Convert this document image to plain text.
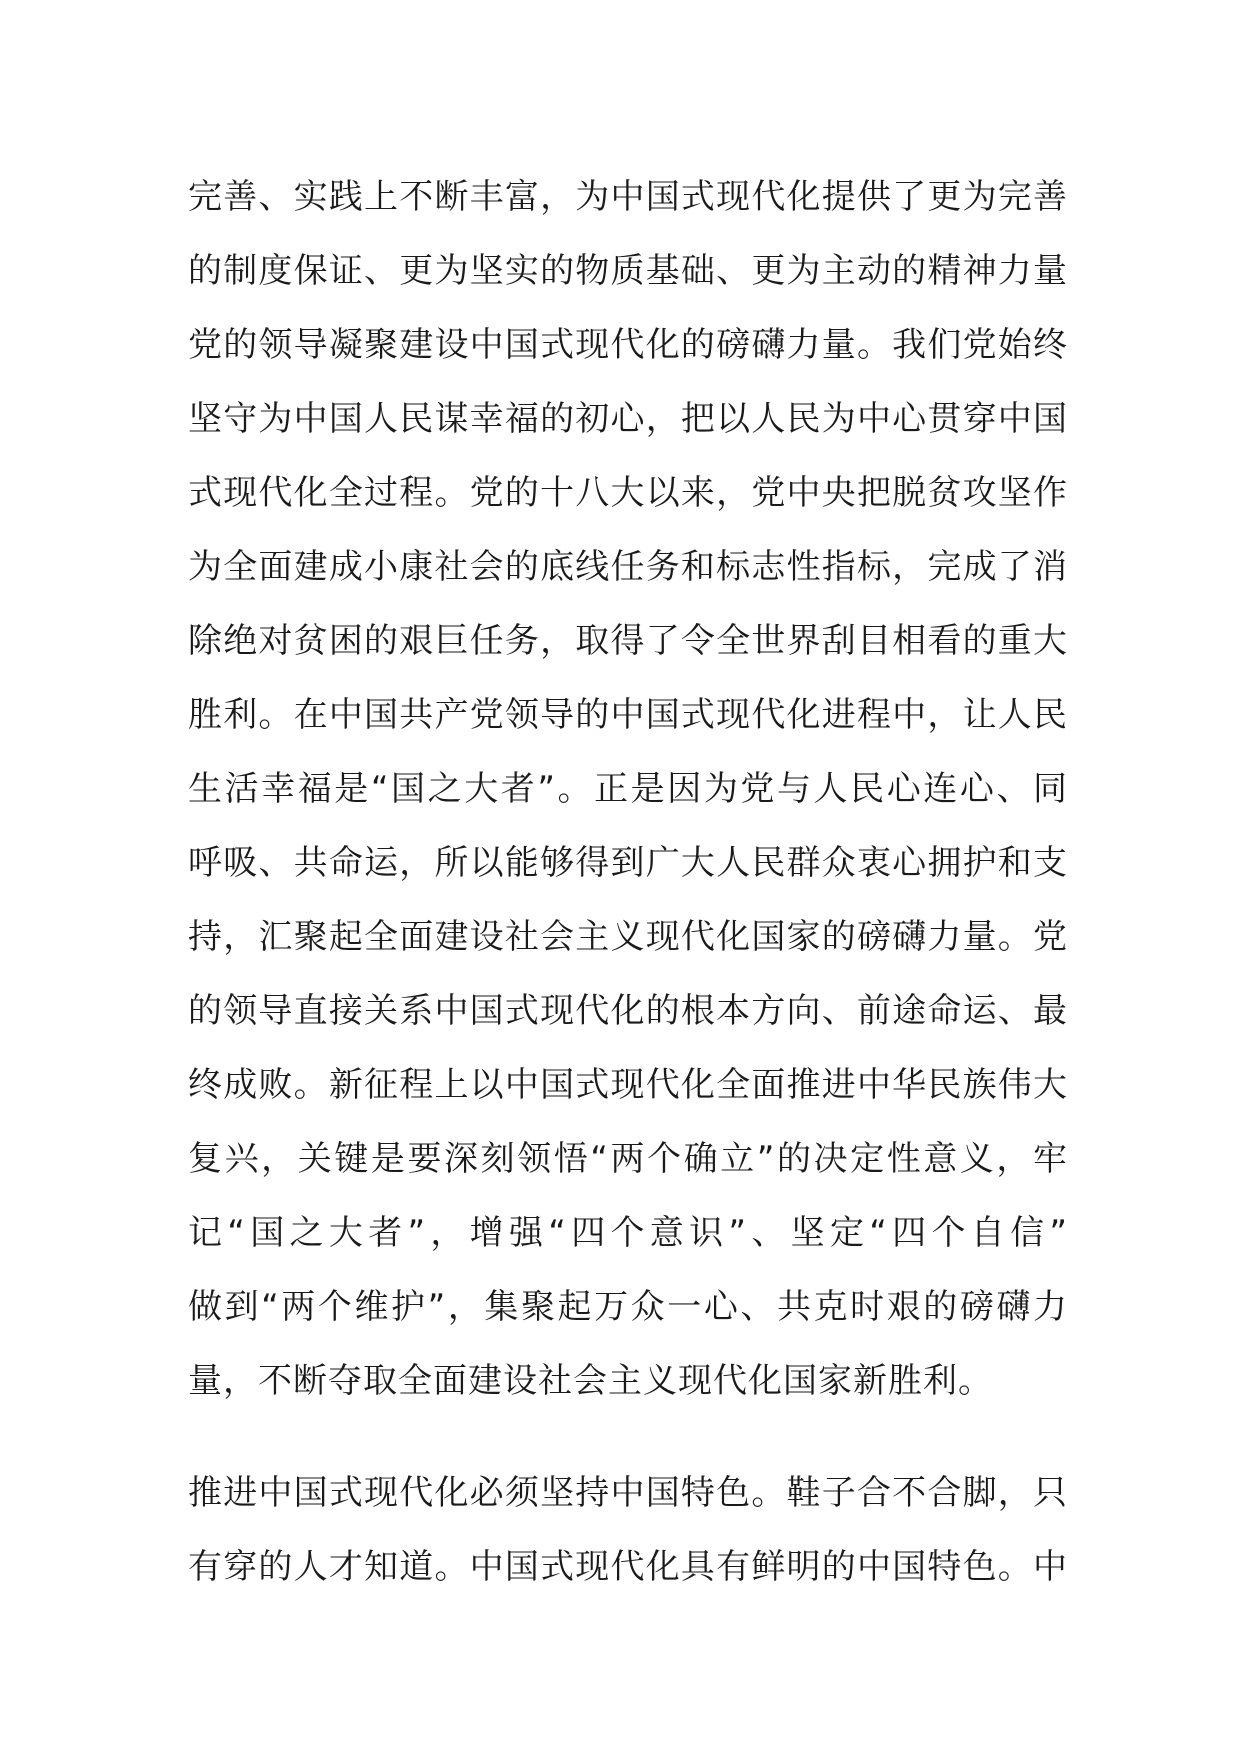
完善、实践上不断丰富，为中国式现代化提供了更为完善
的制度保证、更为坚实的物质基础、更为主动的精神力量
党的领导凝聚建设中国式现代化的磅礴力量。我们党始终
坚守为中国人民谋幸福的初心，把以人民为中心贯穿中国
式现代化全过程。党的十八大以来，党中央把脱贫攻坚作
为全面建成小康社会的底线任务和标志性指标，完成了消
除绝对贫困的艰巨任务，取得了令全世界刮目相看的重大
胜利。在中国共产党领导的中国式现代化进程中，让人民
生活幸福是“国之大者”。正是因为党与人民心连心、同
呼吸、共命运，所以能够得到广大人民群众衷心拥护和支
持，汇聚起全面建设社会主义现代化国家的磅礴力量。党
的领导直接关系中国式现代化的根本方向、前途命运、最
终成败。新征程上以中国式现代化全面推进中华民族伟大
复兴，关键是要深刻领悟“两个确立”的决定性意义，牢
记“国之大者”，增强“四个意识”、坚定“四个自信”
做到“两个维护”，集聚起万众一心、共克时艰的磅礴力
量，不断夺取全面建设社会主义现代化国家新胜利。
推进中国式现代化必须坚持中国特色。鞋子合不合脚，只
有穿的人才知道。中国式现代化具有鲜明的中国特色。中
